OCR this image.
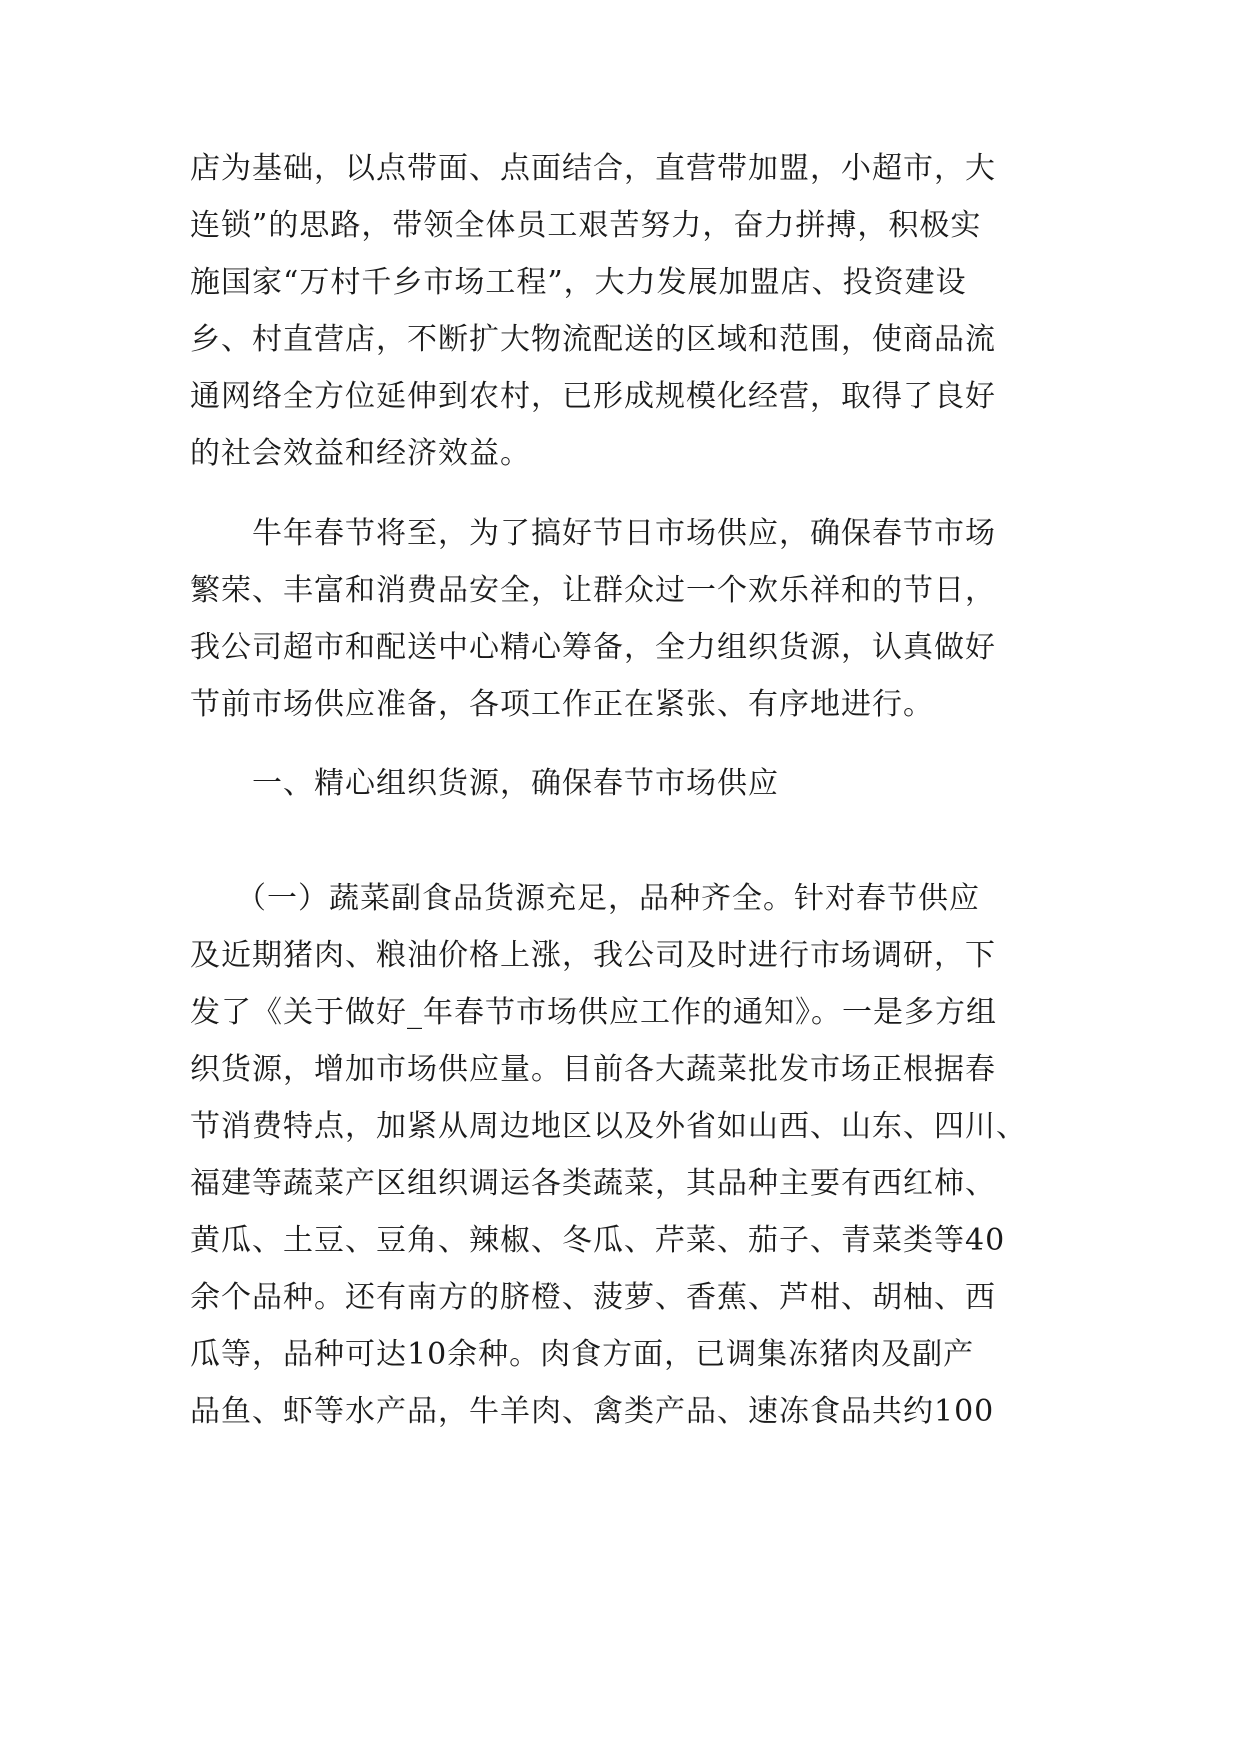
店为基础，以点带面、点面结合，直营带加盟，小超市，大
连锁”的思路，带领全体员工艰苦努力，奋力拼搏，积极实
施国家“万村千乡市场工程”，大力发展加盟店、投资建设
乡、村直营店，不断扩大物流配送的区域和范围，使商品流
通网络全方位延伸到农村，已形成规模化经营，取得了良好
的社会效益和经济效益。
牛年春节将至，为了搞好节日市场供应，确保春节市场
繁荣、丰富和消费品安全，让群众过一个欢乐祥和的节日，
我公司超市和配送中心精心筹备，全力组织货源，认真做好
节前市场供应准备，各项工作正在紧张、有序地进行。
一、精心组织货源，确保春节市场供应
（一）蔬菜副食品货源充足，品种齐全。针对春节供应
及近期猪肉、粮油价格上涨，我公司及时进行市场调研，下
发了《关于做好_年春节市场供应工作的通知》。一是多方组
织货源，增加市场供应量。目前各大蔬菜批发市场正根据春
节消费特点，加紧从周边地区以及外省如山西、山东、四川、
福建等蔬菜产区组织调运各类蔬菜，其品种主要有西红柿、
黄瓜、土豆、豆角、辣椒、冬瓜、芹菜、茄子、青菜类等40
余个品种。还有南方的脐橙、菠萝、香蕉、芦柑、胡柚、西
瓜等，品种可达10余种。肉食方面，已调集冻猪肉及副产
品鱼、虾等水产品，牛羊肉、禽类产品、速冻食品共约100
